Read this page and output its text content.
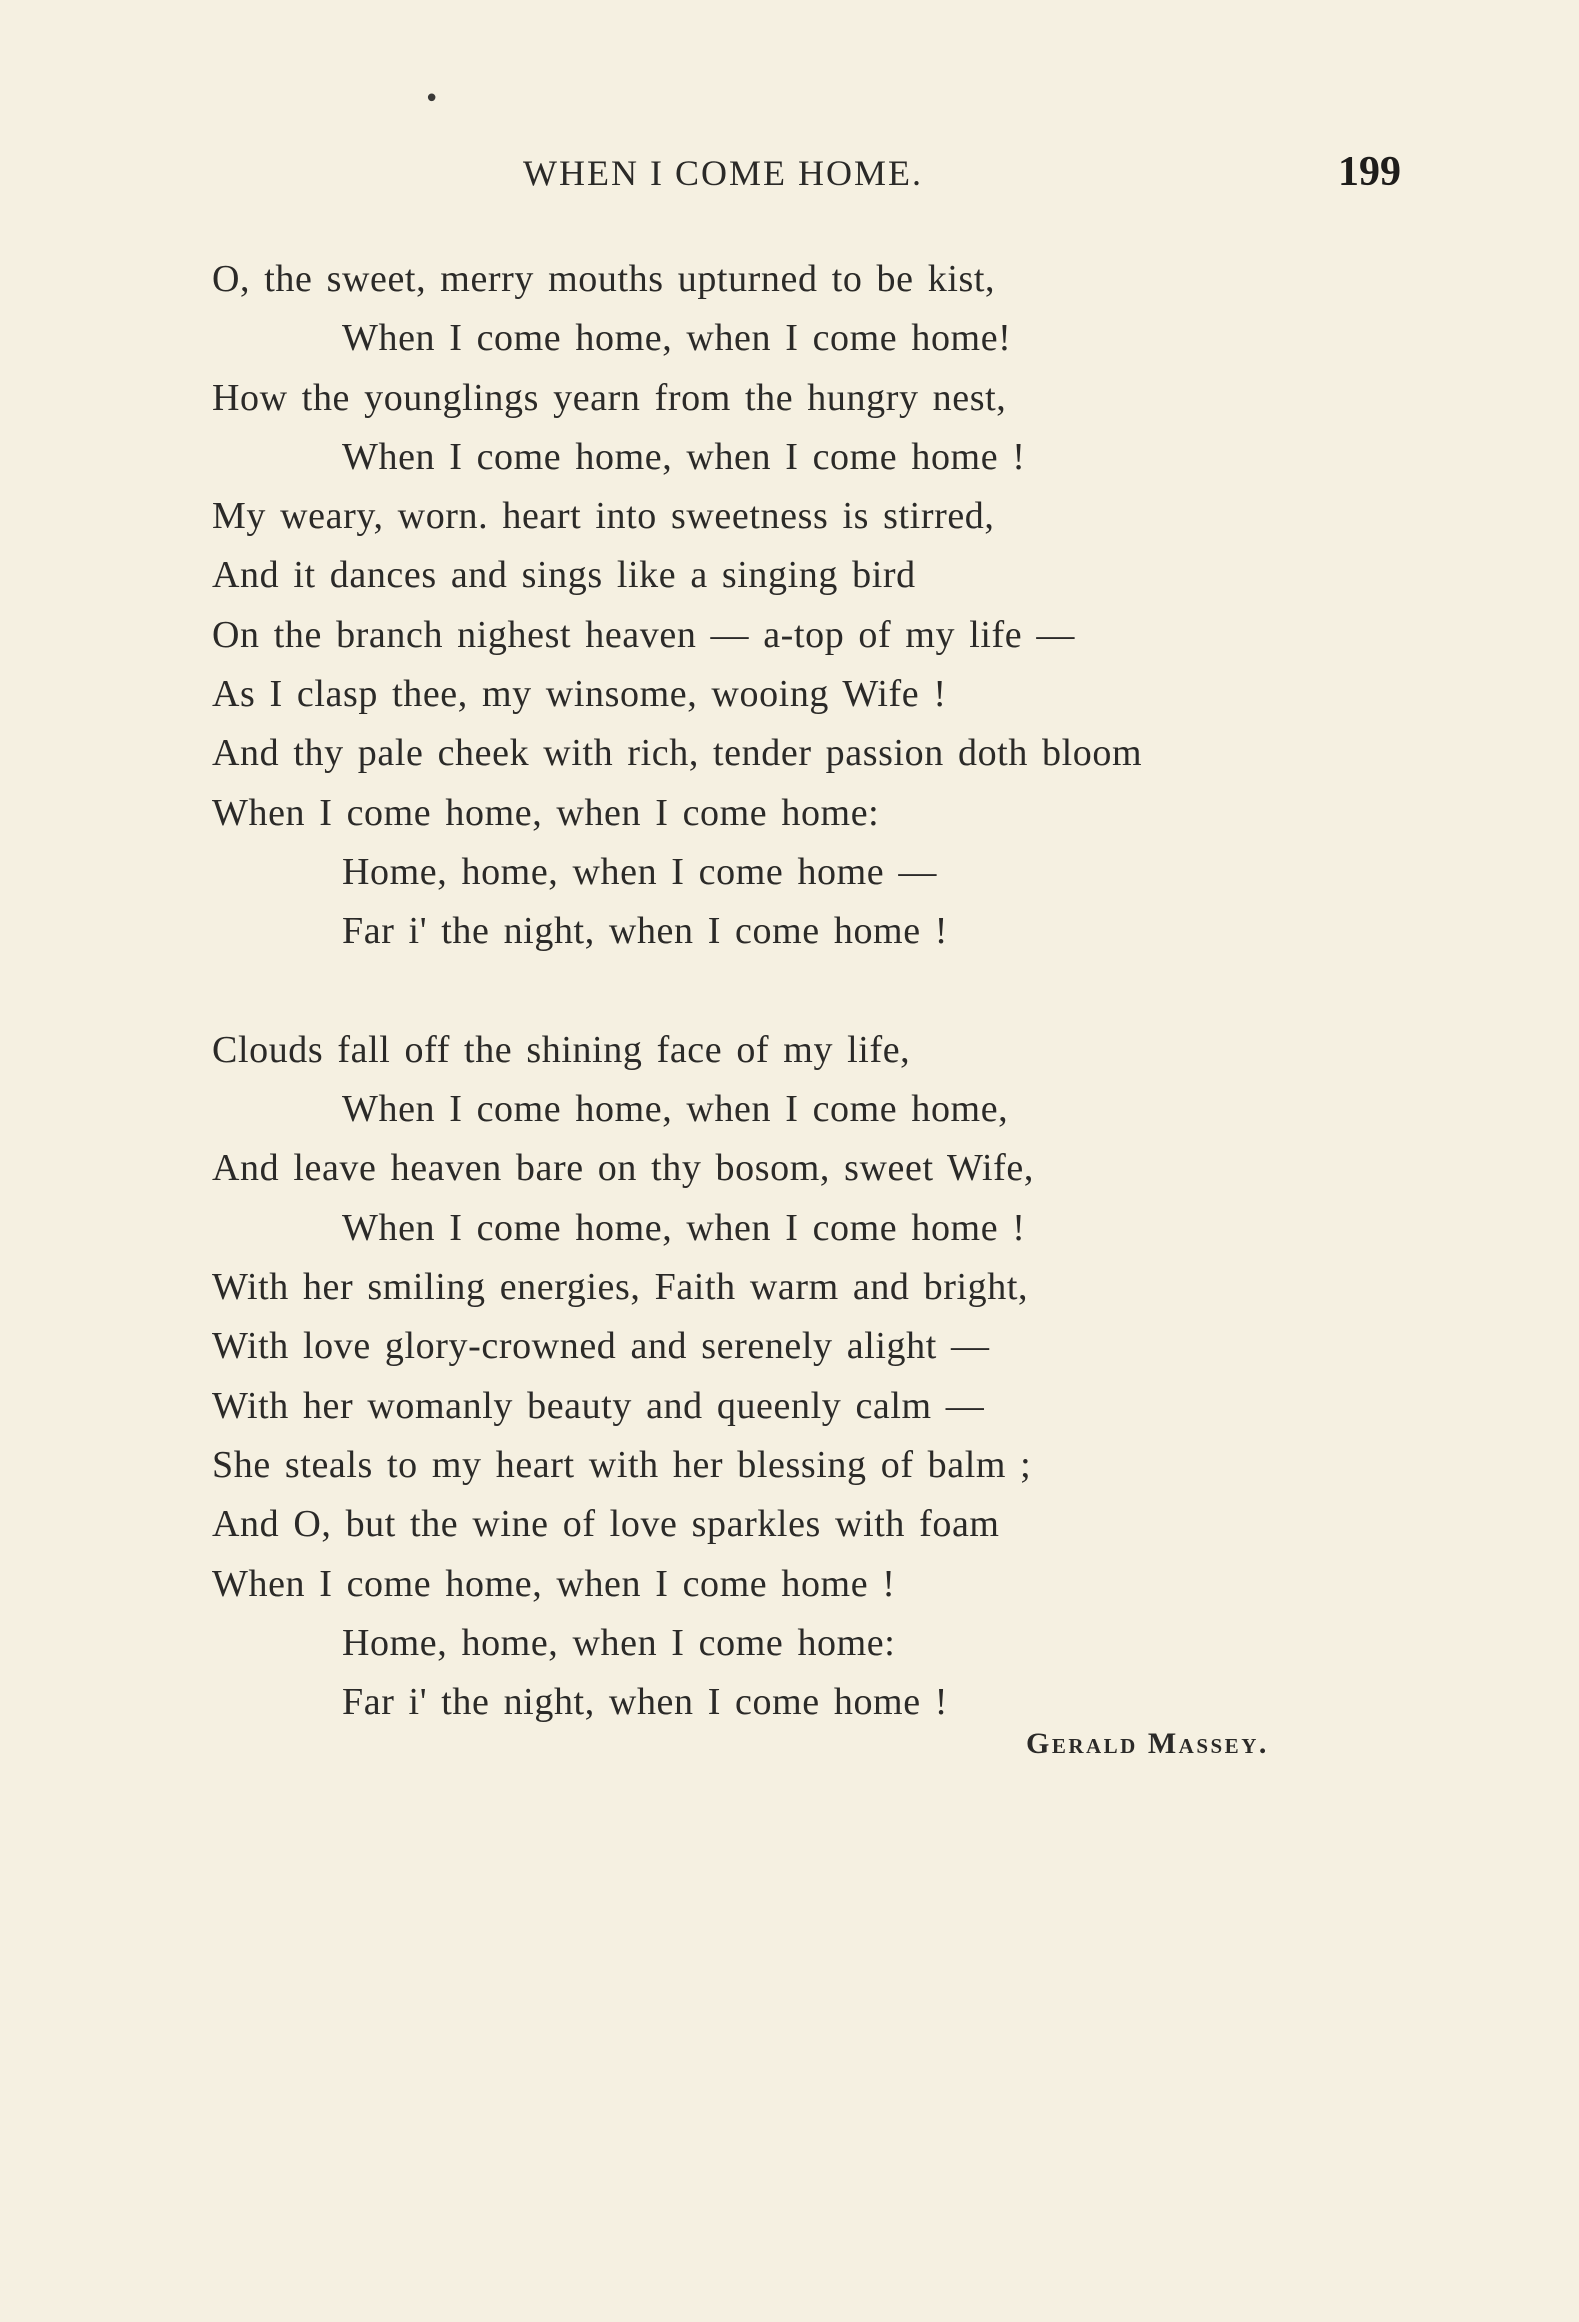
•
WHEN I COME HOME.	199
O, the sweet, merry mouths upturned to be kist,
When I come home, when I come home!
How the younglings yearn from the hungry nest,
When I come home, when I come home !
My weary, worn. heart into sweetness is stirred,
And it dances and sings like a singing bird
On the branch nighest heaven — a-top of my life —
As I clasp thee, my winsome, wooing Wife !
And thy pale cheek with rich, tender passion doth bloom
When I come home, when I come home:
Home, home, when I come home —
Far i' the night, when I come home !
Clouds fall off the shining face of my life,
When I come home, when I come home,
And leave heaven bare on thy bosom, sweet Wife,
When I come home, when I come home !
With her smiling energies, Faith warm and bright,
With love glory-crowned and serenely alight —
With her womanly beauty and queenly calm —
She steals to my heart with her blessing of balm ;
And O, but the wine of love sparkles with foam
When I come home, when I come home !
Home, home, when I come home:
Far i' the night, when I come home !
Gerald Massey.
